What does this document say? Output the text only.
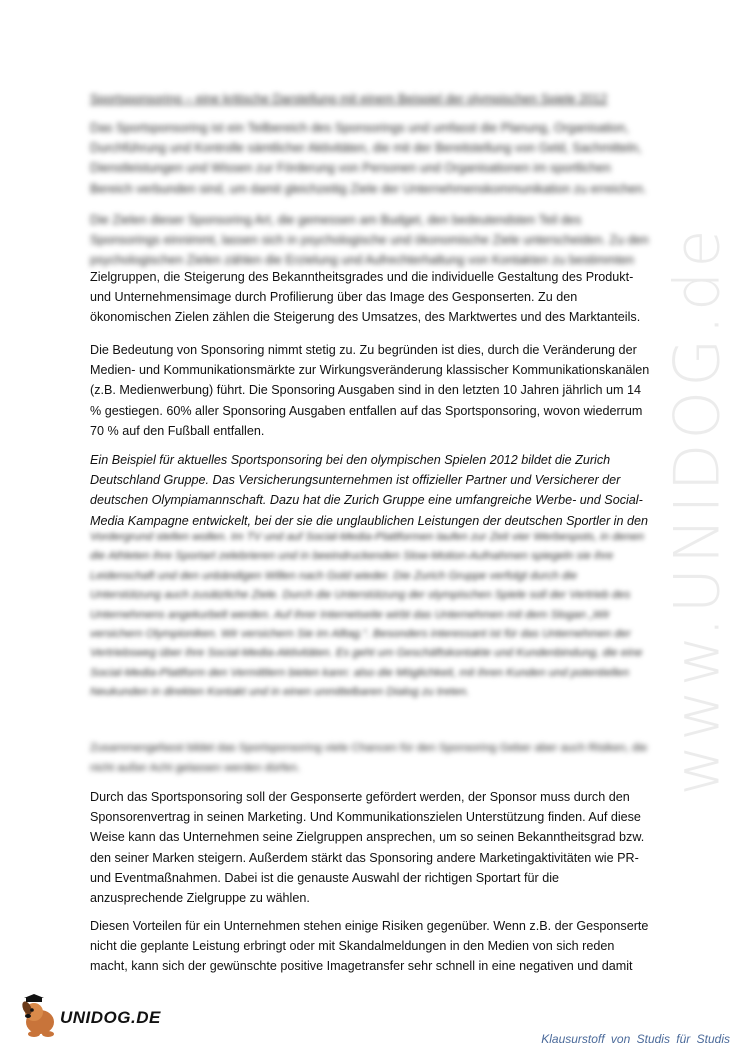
www.UNIDOG.de
Sportsponsoring – eine kritische Darstellung mit einem Beispiel der olympischen Spiele 2012

Das Sportsponsoring ist ein Teilbereich des Sponsorings und umfasst die Planung, Organisation, Durchführung und Kontrolle sämtlicher Aktivitäten, die mit der Bereitstellung von Geld, Sachmitteln, Dienstleistungen und Wissen zur Förderung von Personen und Organisationen im sportlichen Bereich verbunden sind, um damit gleichzeitig Ziele der Unternehmenskommunikation zu erreichen.

Die Zielen dieser Sponsoring Art, die gemessen am Budget, den bedeutendsten Teil des Sponsorings einnimmt, lassen sich in psychologische und ökonomische Ziele unterscheiden. Zu den psychologischen Zielen zählen die Erzielung und Aufrechterhaltung von Kontakten zu bestimmten

Zielgruppen, die Steigerung des Bekanntheitsgrades und die individuelle Gestaltung des Produkt- und Unternehmensimage durch Profilierung über das Image des Gesponserten. Zu den ökonomischen Zielen zählen die Steigerung des Umsatzes, des Marktwertes und des Marktanteils.

Die Bedeutung von Sponsoring nimmt stetig zu. Zu begründen ist dies, durch die Veränderung der Medien- und Kommunikationsmärkte zur Wirkungsveränderung klassischer Kommunikationskanälen (z.B. Medienwerbung) führt. Die Sponsoring Ausgaben sind in den letzten 10 Jahren jährlich um 14 % gestiegen. 60% aller Sponsoring Ausgaben entfallen auf das Sportsponsoring, wovon wiederrum 70 % auf den Fußball entfallen.

Ein Beispiel für aktuelles Sportsponsoring bei den olympischen Spielen 2012 bildet die Zurich Deutschland Gruppe. Das Versicherungsunternehmen ist offizieller Partner und Versicherer der deutschen Olympiamannschaft. Dazu hat die Zurich Gruppe eine umfangreiche Werbe- und Social-Media Kampagne entwickelt, bei der sie die unglaublichen Leistungen der deutschen Sportler in den

Vordergrund stellen wollen. Im TV und auf Social-Media-Plattformen laufen zur Zeit vier Werbespots, in denen die Athleten ihre Sportart zelebrieren und in beeindruckenden Slow-Motion-Aufnahmen spiegeln sie ihre Leidenschaft und den unbändigen Willen nach Gold wieder. Die Zurich Gruppe verfolgt durch die Unterstützung auch zusätzliche Ziele. Durch die Unterstützung der olympischen Spiele soll der Vertrieb des Unternehmens angekurbelt werden. Auf ihrer Internetseite wirbt das Unternehmen mit dem Slogan „Wir versichern Olympioniken. Wir versichern Sie im Alltag.“. Besonders interessant ist für das Unternehmen der Vertriebsweg über ihre Social-Media-Aktivitäten. Es geht um Geschäftskontakte und Kundenbindung, die eine Social-Media-Plattform den Vermittlern bieten kann: also die Möglichkeit, mit ihren Kunden und potentiellen Neukunden in direkten Kontakt und in einen unmittelbaren Dialog zu treten.

Zusammengefasst bildet das Sportsponsoring viele Chancen für den Sponsoring Geber aber auch Risiken, die nicht außer Acht gelassen werden dürfen.

Durch das Sportsponsoring soll der Gesponserte gefördert werden, der Sponsor muss durch den Sponsorenvertrag in seinen Marketing. Und Kommunikationszielen Unterstützung finden. Auf diese Weise kann das Unternehmen seine Zielgruppen ansprechen, um so seinen Bekanntheitsgrad bzw. den seiner Marken steigern. Außerdem stärkt das Sponsoring andere Marketingaktivitäten wie PR- und Eventmaßnahmen. Dabei ist die genauste Auswahl der richtigen Sportart für die anzusprechende Zielgruppe zu wählen.

Diesen Vorteilen für ein Unternehmen stehen einige Risiken gegenüber. Wenn z.B. der Gesponserte nicht die geplante Leistung erbringt oder mit Skandalmeldungen in den Medien von sich reden macht, kann sich der gewünschte positive Imagetransfer sehr schnell in eine negativen und damit

UNIDOG.DE
Klausurstoff von Studis für Studis
